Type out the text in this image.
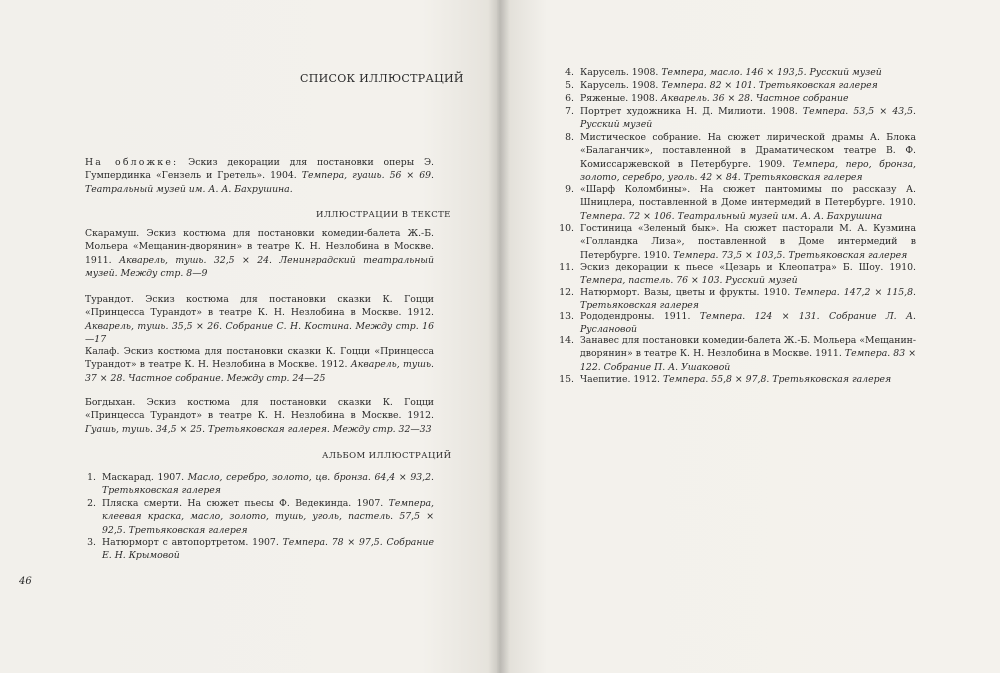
СПИСОК ИЛЛЮСТРАЦИЙ
На обложке: Эскиз декорации для постановки оперы Э. Гумпердинка «Гензель и Гретель». 1904. Темпера, гуашь. 56 × 69. Театральный музей им. А. А. Бахрушина.
ИЛЛЮСТРАЦИИ В ТЕКСТЕ
Скарамуш. Эскиз костюма для постановки комедии-балета Ж.-Б. Мольера «Мещанин-дворянин» в театре К. Н. Незлобина в Москве. 1911. Акварель, тушь. 32,5 × 24. Ленинградский театральный музей. Между стр. 8—9
Турандот. Эскиз костюма для постановки сказки К. Гоцци «Принцесса Турандот» в театре К. Н. Незлобина в Москве. 1912. Акварель, тушь. 35,5 × 26. Собрание С. Н. Костина. Между стр. 16—17
Калаф. Эскиз костюма для постановки сказки К. Гоцци «Принцесса Турандот» в театре К. Н. Незлобина в Москве. 1912. Акварель, тушь. 37 × 28. Частное собрание. Между стр. 24—25
Богдыхан. Эскиз костюма для постановки сказки К. Гоцци «Принцесса Турандот» в театре К. Н. Незлобина в Москве. 1912. Гуашь, тушь. 34,5 × 25. Третьяковская галерея. Между стр. 32—33
АЛЬБОМ ИЛЛЮСТРАЦИЙ
1. Маскарад. 1907. Масло, серебро, золото, цв. бронза. 64,4 × 93,2. Третьяковская галерея
2. Пляска смерти. На сюжет пьесы Ф. Ведекинда. 1907. Темпера, клеевая краска, масло, золото, тушь, уголь, пастель. 57,5 × 92,5. Третьяковская галерея
3. Натюрморт с автопортретом. 1907. Темпера. 78 × 97,5. Собрание Е. Н. Крымовой
46
4. Карусель. 1908. Темпера, масло. 146 × 193,5. Русский музей
5. Карусель. 1908. Темпера. 82 × 101. Третьяковская галерея
6. Ряженые. 1908. Акварель. 36 × 28. Частное собрание
7. Портрет художника Н. Д. Милиоти. 1908. Темпера. 53,5 × 43,5. Русский музей
8. Мистическое собрание. На сюжет лирической драмы А. Блока «Балаганчик», поставленной в Драматическом театре В. Ф. Комиссаржевской в Петербурге. 1909. Темпера, перо, бронза, золото, серебро, уголь. 42 × 84. Третьяковская галерея
9. «Шарф Коломбины». На сюжет пантомимы по рассказу А. Шницлера, поставленной в Доме интермедий в Петербурге. 1910. Темпера. 72 × 106. Театральный музей им. А. А. Бахрушина
10. Гостиница «Зеленый бык». На сюжет пасторали М. А. Кузмина «Голландка Лиза», поставленной в Доме интермедий в Петербурге. 1910. Темпера. 73,5 × 103,5. Третьяковская галерея
11. Эскиз декорации к пьесе «Цезарь и Клеопатра» Б. Шоу. 1910. Темпера, пастель. 76 × 103. Русский музей
12. Натюрморт. Вазы, цветы и фрукты. 1910. Темпера. 147,2 × 115,8. Третьяковская галерея
13. Рододендроны. 1911. Темпера. 124 × 131. Собрание Л. А. Руслановой
14. Занавес для постановки комедии-балета Ж.-Б. Мольера «Мещанин-дворянин» в театре К. Н. Незлобина в Москве. 1911. Темпера. 83 × 122. Собрание П. А. Ушаковой
15. Чаепитие. 1912. Темпера. 55,8 × 97,8. Третьяковская галерея
